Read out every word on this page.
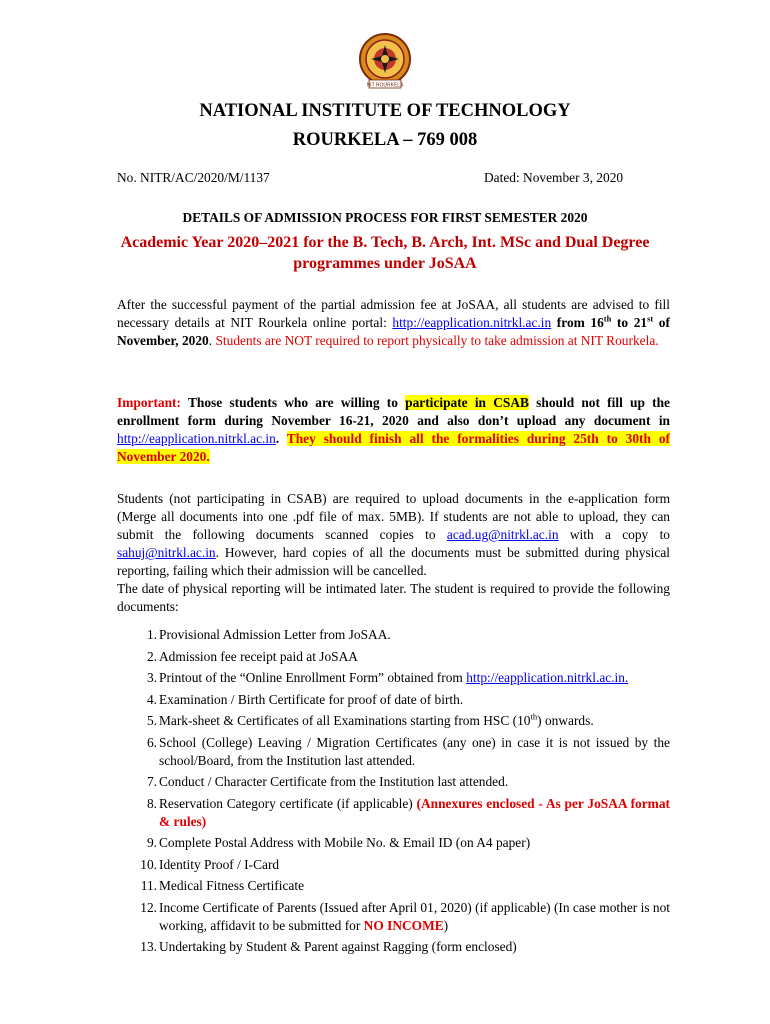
NIT ROURKELA
NATIONAL INSTITUTE OF TECHNOLOGY
ROURKELA – 769 008
No. NITR/AC/2020/M/1137	Dated: November 3, 2020
DETAILS OF ADMISSION PROCESS FOR FIRST SEMESTER 2020
Academic Year 2020–2021 for the B. Tech, B. Arch, Int. MSc and Dual Degree programmes under JoSAA
After the successful payment of the partial admission fee at JoSAA, all students are advised to fill necessary details at NIT Rourkela online portal: http://eapplication.nitrkl.ac.in from 16th to 21st of November, 2020. Students are NOT required to report physically to take admission at NIT Rourkela.
Important: Those students who are willing to participate in CSAB should not fill up the enrollment form during November 16-21, 2020 and also don’t upload any document in http://eapplication.nitrkl.ac.in. They should finish all the formalities during 25th to 30th of November 2020.
Students (not participating in CSAB) are required to upload documents in the e-application form (Merge all documents into one .pdf file of max. 5MB). If students are not able to upload, they can submit the following documents scanned copies to acad.ug@nitrkl.ac.in with a copy to sahuj@nitrkl.ac.in. However, hard copies of all the documents must be submitted during physical reporting, failing which their admission will be cancelled.
The date of physical reporting will be intimated later. The student is required to provide the following documents:
1. Provisional Admission Letter from JoSAA.
2. Admission fee receipt paid at JoSAA
3. Printout of the “Online Enrollment Form” obtained from http://eapplication.nitrkl.ac.in.
4. Examination / Birth Certificate for proof of date of birth.
5. Mark-sheet & Certificates of all Examinations starting from HSC (10th) onwards.
6. School (College) Leaving / Migration Certificates (any one) in case it is not issued by the school/Board, from the Institution last attended.
7. Conduct / Character Certificate from the Institution last attended.
8. Reservation Category certificate (if applicable) (Annexures enclosed - As per JoSAA format & rules)
9. Complete Postal Address with Mobile No. & Email ID (on A4 paper)
10. Identity Proof / I-Card
11. Medical Fitness Certificate
12. Income Certificate of Parents (Issued after April 01, 2020) (if applicable) (In case mother is not working, affidavit to be submitted for NO INCOME)
13. Undertaking by Student & Parent against Ragging (form enclosed)
